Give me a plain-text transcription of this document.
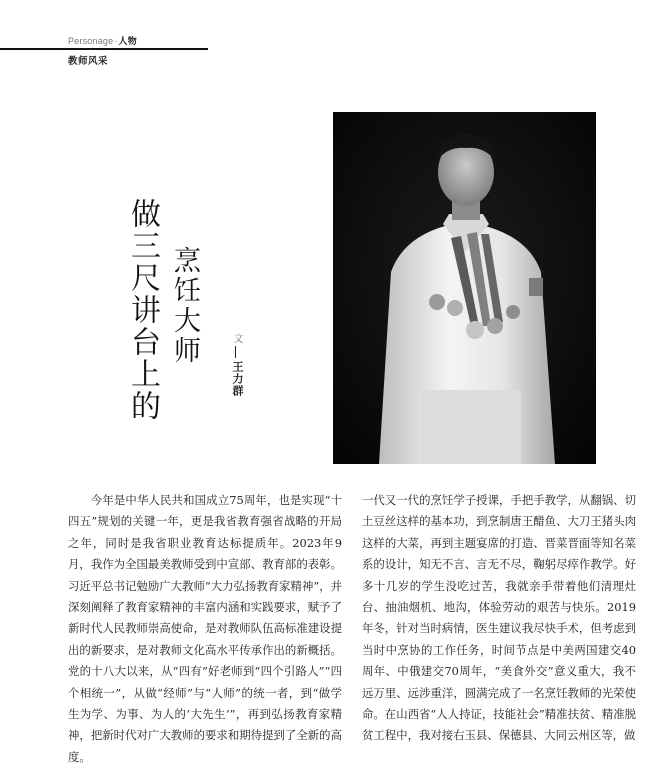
Personage·人物
教师风采
做三尺讲台上的 烹饪大师	文
王力群

今年是中华人民共和国成立75周年，也是实现“十四五”规划的关键一年，更是我省教育强省战略的开局之年，同时是我省职业教育达标提质年。2023年9月，我作为全国最美教师受到中宣部、教育部的表彰。习近平总书记勉励广大教师“大力弘扬教育家精神”，并深刻阐释了教育家精神的丰富内涵和实践要求，赋予了新时代人民教师崇高使命，是对教师队伍高标准建设提出的新要求，是对教师文化高水平传承作出的新概括。党的十八大以来，从“四有”好老师到“四个引路人”“四个相统一”，从做“经师”与“人师”的统一者，到“做学生为学、为事、为人的‘大先生’”，再到弘扬教育家精神，把新时代对广大教师的要求和期待提到了全新的高度。

一代又一代的烹饪学子授课，手把手教学，从翻锅、切土豆丝这样的基本功，到烹制唐王醋鱼、大刀王猪头肉这样的大菜，再到主题宴席的打造、晋菜晋面等知名菜系的设计，知无不言、言无不尽，鞠躬尽瘁作教学。好多十几岁的学生没吃过苦，我就亲手带着他们清理灶台、抽油烟机、地沟，体验劳动的艰苦与快乐。2019年冬，针对当时病情，医生建议我尽快手术，但考虑到当时中烹协的工作任务，时间节点是中美两国建交40周年、中俄建交70周年，“美食外交”意义重大，我不远万里、远涉重洋，圆满完成了一名烹饪教师的光荣使命。在山西省“人人持证，技能社会”精准扶贫、精准脱贫工程中，我对接右玉县、保德县、大同云州区等，做
